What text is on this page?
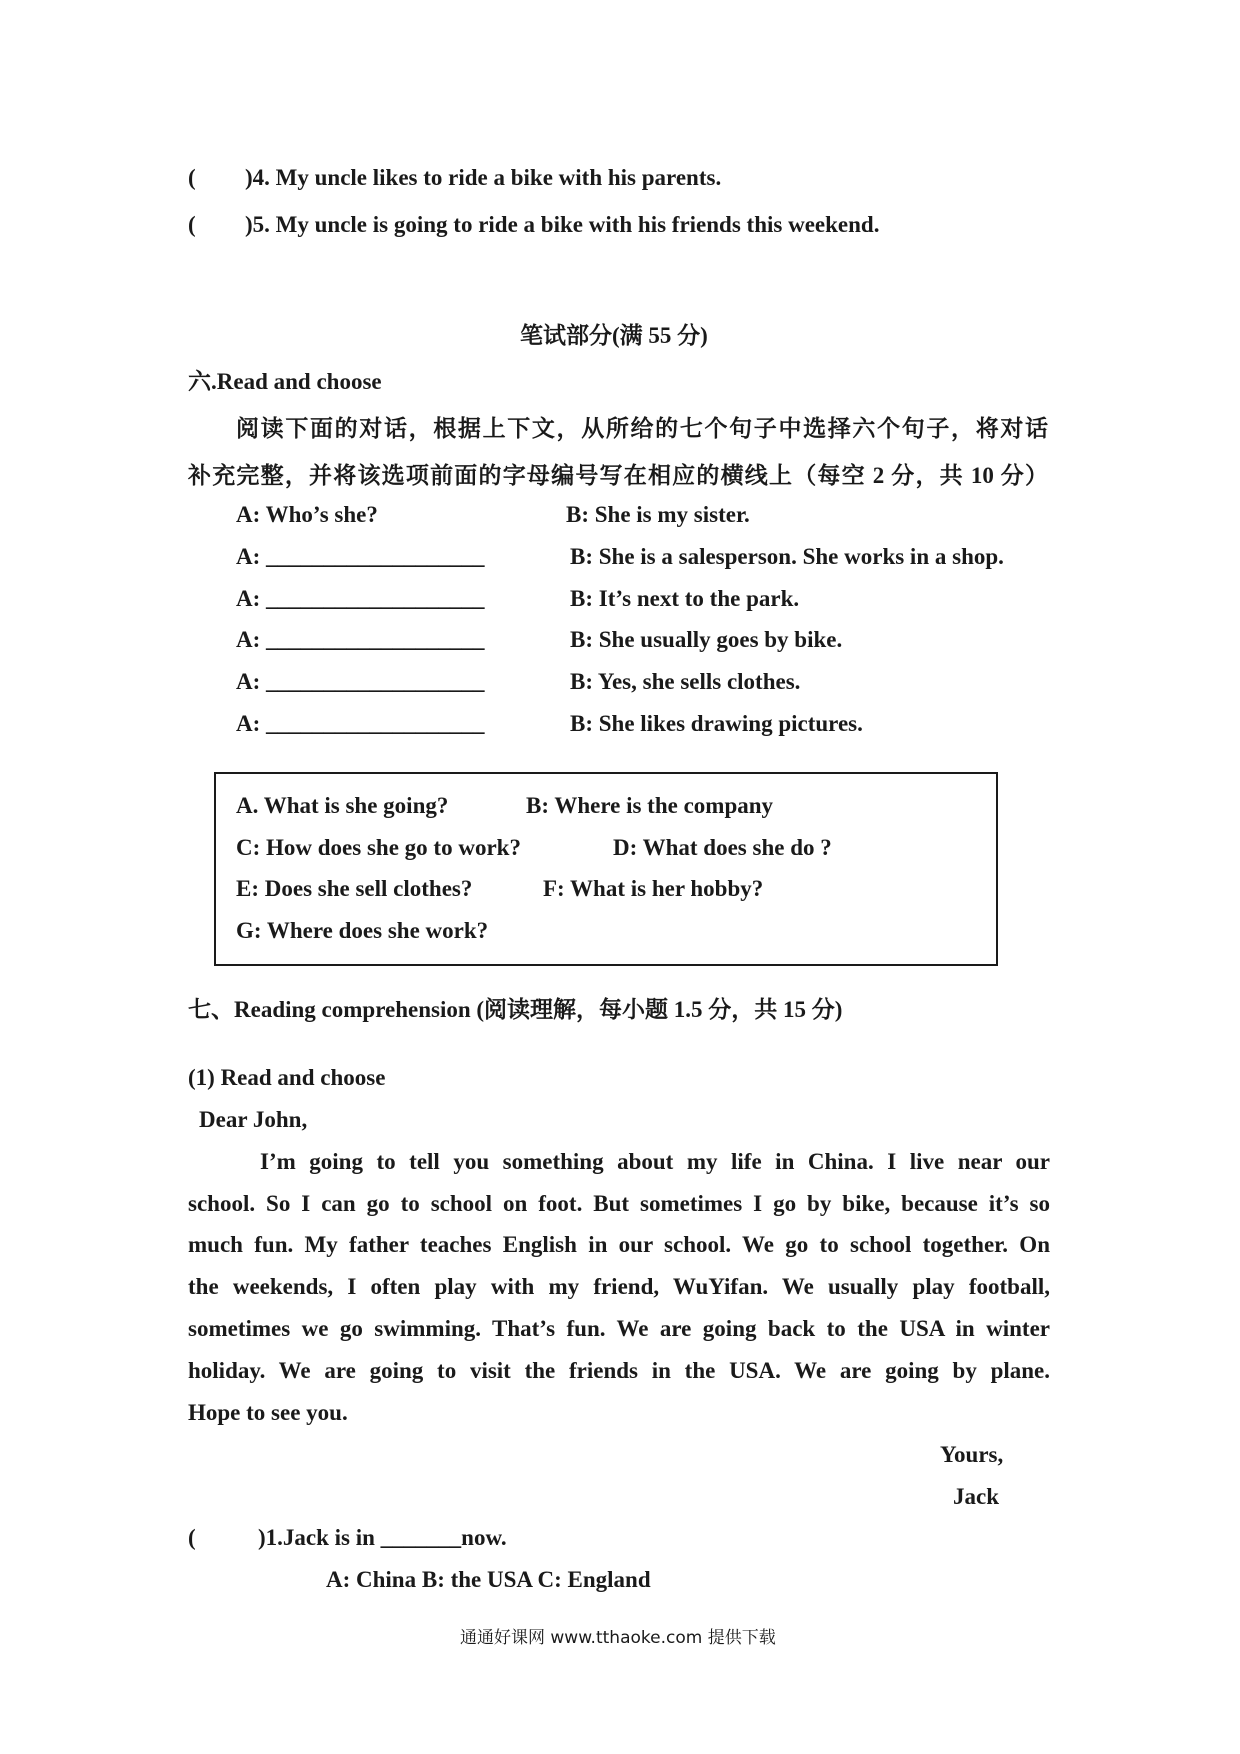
( )4. My uncle likes to ride a bike with his parents.
( )5. My uncle is going to ride a bike with his friends this weekend.
笔试部分(满 55 分)
六.Read and choose
阅读下面的对话，根据上下文，从所给的七个句子中选择六个句子，将对话
补充完整，并将该选项前面的字母编号写在相应的横线上（每空 2 分，共 10 分）
A: Who’s she?	B: She is my sister.
A: ___________________	B: She is a salesperson. She works in a shop.
A: ___________________	B: It’s next to the park.
A: ___________________	B: She usually goes by bike.
A: ___________________	B: Yes, she sells clothes.
A: ___________________	B: She likes drawing pictures.
A. What is she going?	B: Where is the company
C: How does she go to work?	D: What does she do ?
E: Does she sell clothes?	F: What is her hobby?
G: Where does she work?
七、Reading comprehension (阅读理解，每小题 1.5 分，共 15 分)
(1) Read and choose
Dear John,
I’m going to tell you something about my life in China. I live near our
school. So I can go to school on foot. But sometimes I go by bike, because it’s so
much fun. My father teaches English in our school. We go to school together. On
the weekends, I often play with my friend, WuYifan. We usually play football,
sometimes we go swimming. That’s fun. We are going back to the USA in winter
holiday. We are going to visit the friends in the USA. We are going by plane.
Hope to see you.
Yours,
Jack
(	)1.Jack is in _______now.
A: China B: the USA C: England
通通好课网 www.tthaoke.com 提供下载
